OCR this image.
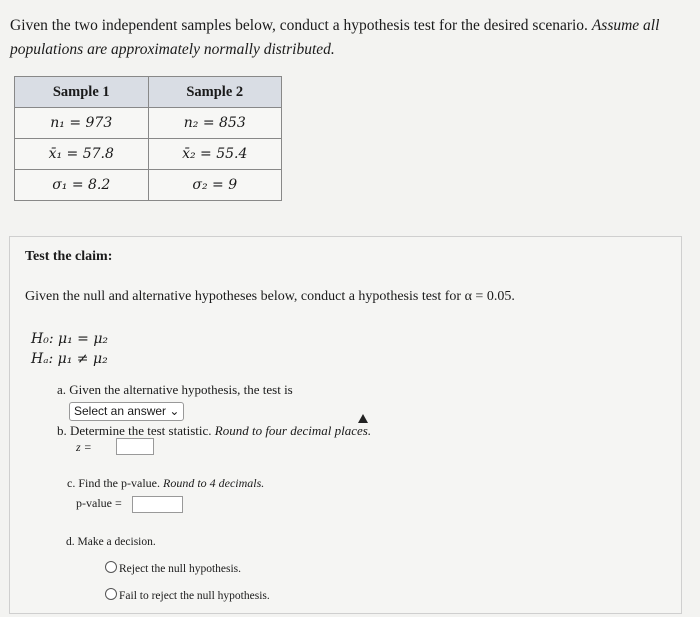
Given the two independent samples below, conduct a hypothesis test for the desired scenario. Assume all
populations are approximately normally distributed.
Sample 1	Sample 2
n₁ = 973	n₂ = 853
x̄₁ = 57.8	x̄₂ = 55.4
σ₁ = 8.2	σ₂ = 9
Test the claim:
Given the null and alternative hypotheses below, conduct a hypothesis test for α = 0.05.
H₀: μ₁ = μ₂
Hₐ: μ₁ ≠ μ₂
a. Given the alternative hypothesis, the test is
Select an answer ⌄
b. Determine the test statistic. Round to four decimal places.
z =
c. Find the p-value. Round to 4 decimals.
p-value =
d. Make a decision.
Reject the null hypothesis.
Fail to reject the null hypothesis.
